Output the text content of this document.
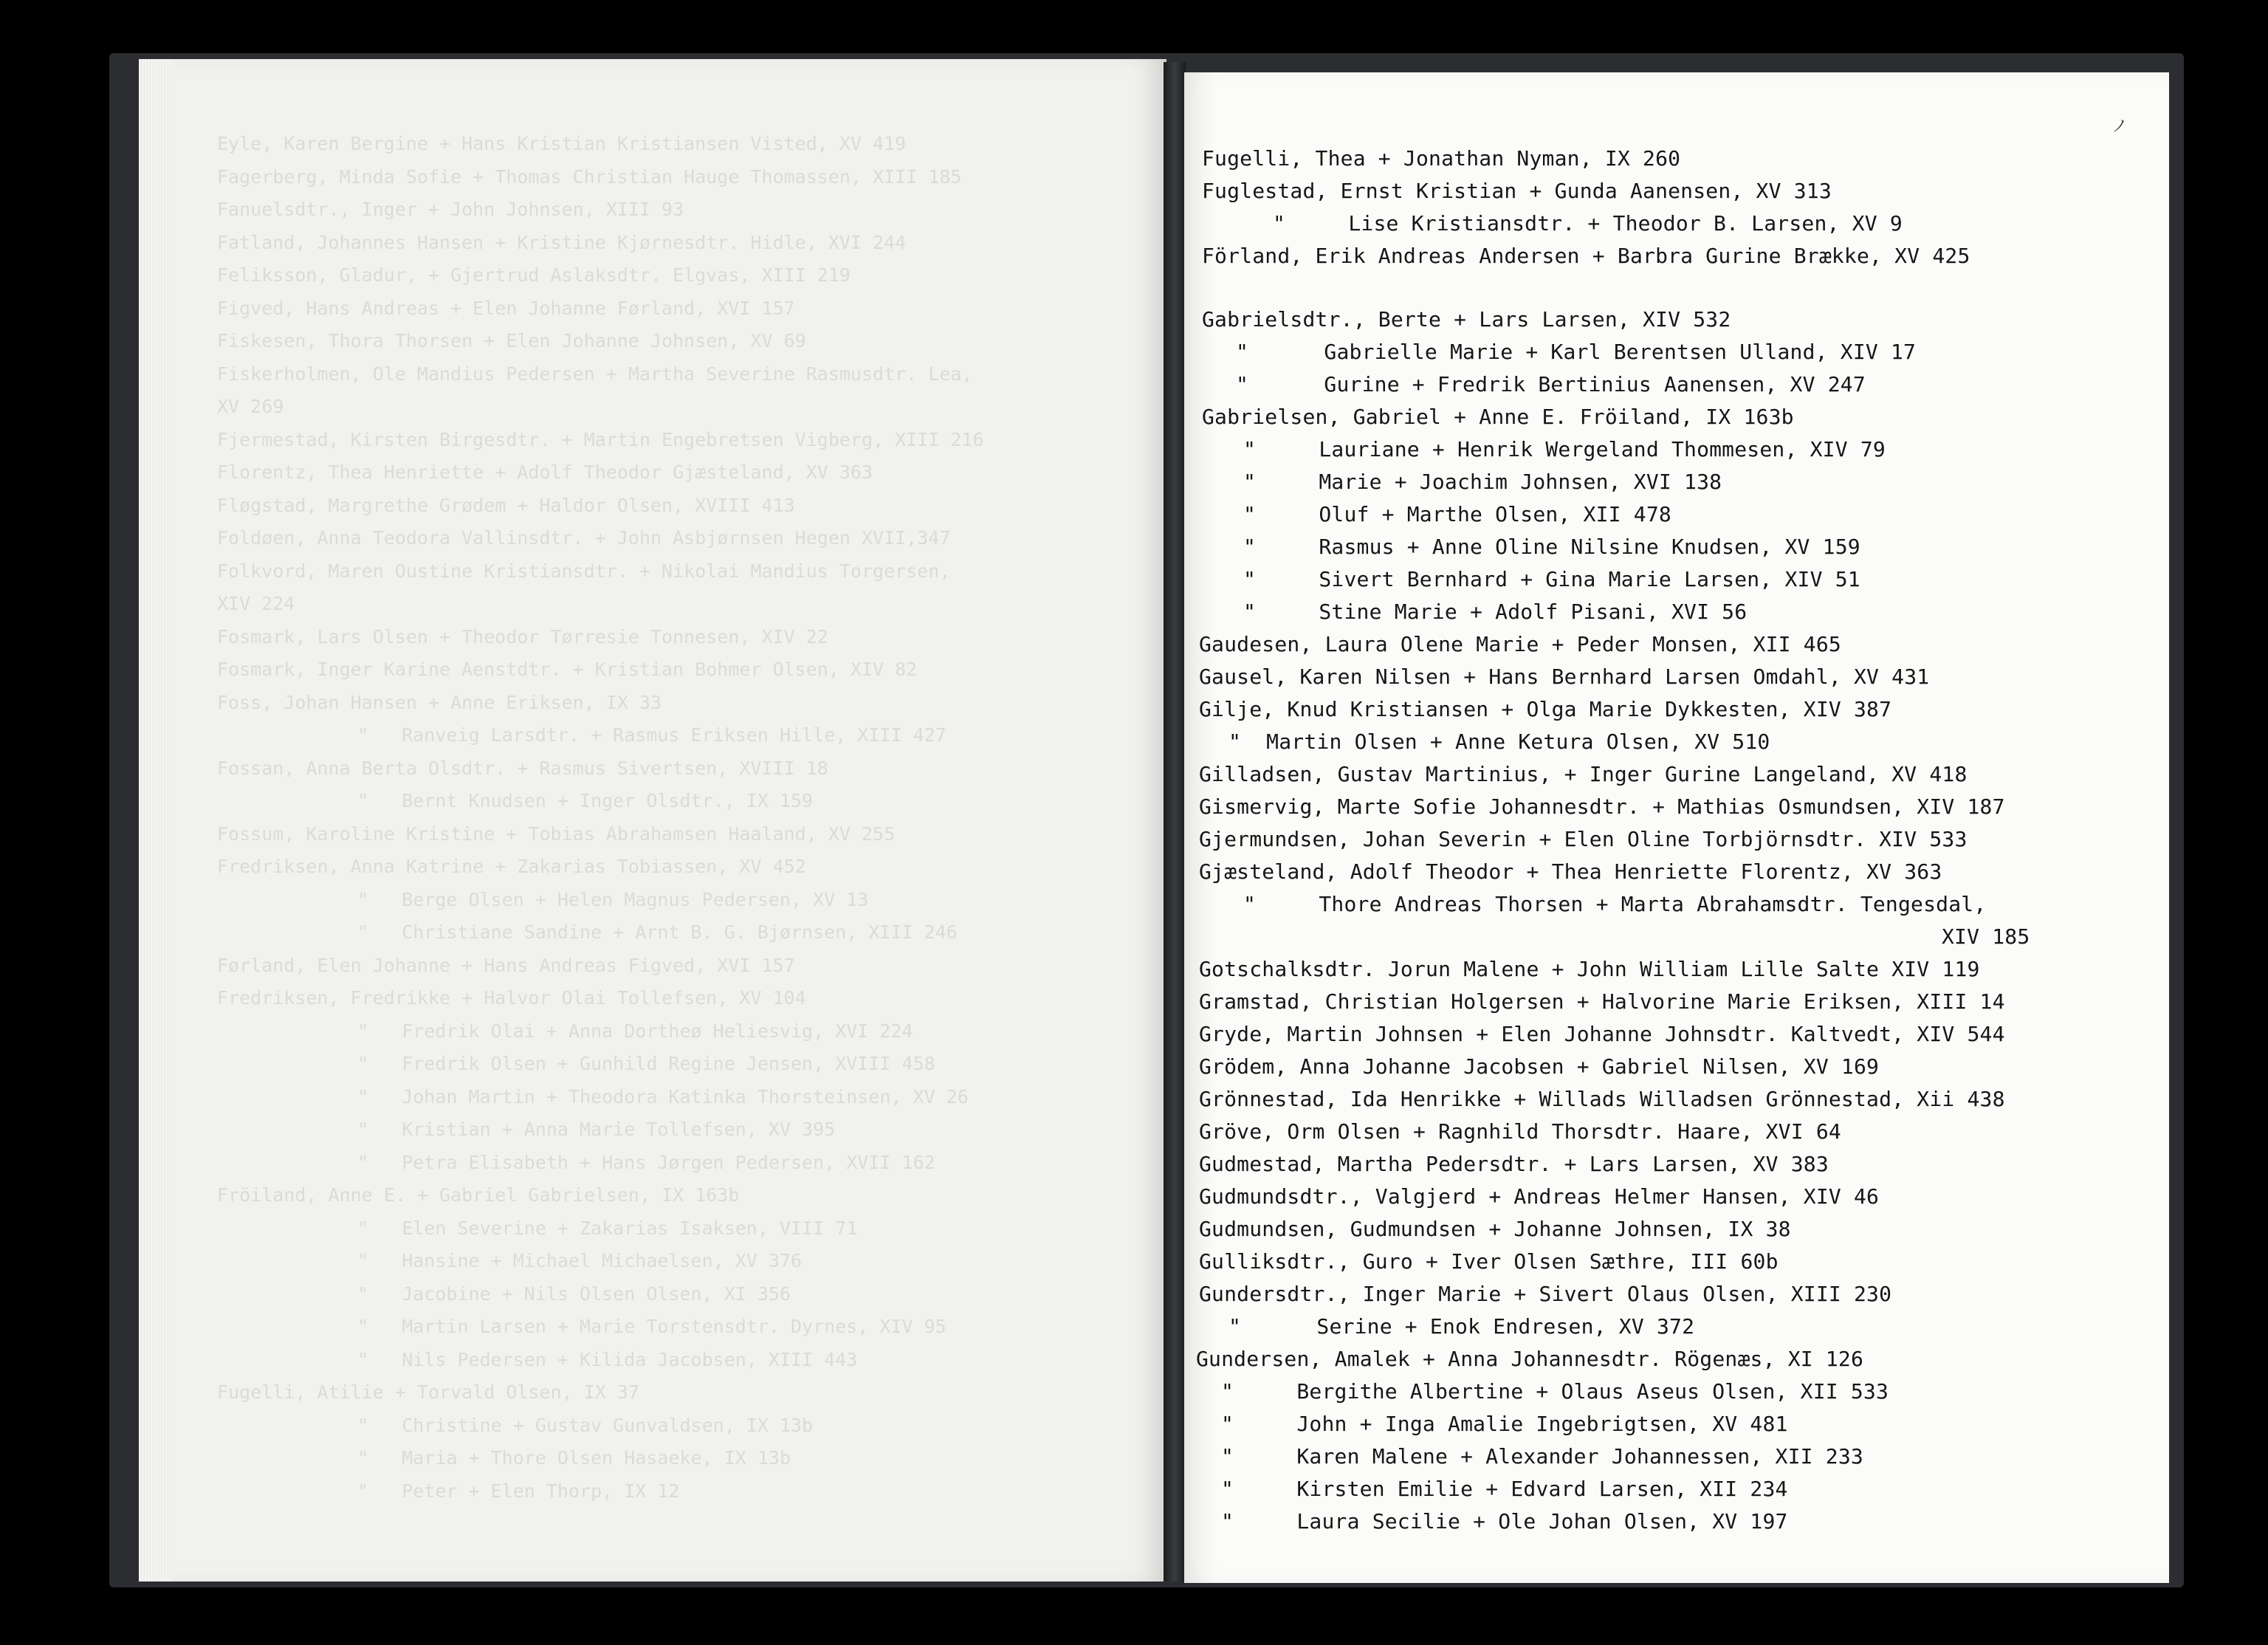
Eyle, Karen Bergine + Hans Kristian Kristiansen Visted, XV 419
Fagerberg, Minda Sofie + Thomas Christian Hauge Thomassen, XIII 185
Fanuelsdtr., Inger + John Johnsen, XIII 93
Fatland, Johannes Hansen + Kristine Kjørnesdtr. Hidle, XVI 244
Feliksson, Gladur, + Gjertrud Aslaksdtr. Elgvas, XIII 219
Figved, Hans Andreas + Elen Johanne Førland, XVI 157
Fiskesen, Thora Thorsen + Elen Johanne Johnsen, XV 69
Fiskerholmen, Ole Mandius Pedersen + Martha Severine Rasmusdtr. Lea,
XV 269
Fjermestad, Kirsten Birgesdtr. + Martin Engebretsen Vigberg, XIII 216
Florentz, Thea Henriette + Adolf Theodor Gjæsteland, XV 363
Fløgstad, Margrethe Grødem + Haldor Olsen, XVIII 413
Foldøen, Anna Teodora Vallinsdtr. + John Asbjørnsen Hegen XVII,347
Folkvord, Maren Oustine Kristiansdtr. + Nikolai Mandius Torgersen,
XIV 224
Fosmark, Lars Olsen + Theodor Tørresie Tonnesen, XIV 22
Fosmark, Inger Karine Aenstdtr. + Kristian Bohmer Olsen, XIV 82
Foss, Johan Hansen + Anne Eriksen, IX 33
"   Ranveig Larsdtr. + Rasmus Eriksen Hille, XIII 427
Fossan, Anna Berta Olsdtr. + Rasmus Sivertsen, XVIII 18
"   Bernt Knudsen + Inger Olsdtr., IX 159
Fossum, Karoline Kristine + Tobias Abrahamsen Haaland, XV 255
Fredriksen, Anna Katrine + Zakarias Tobiassen, XV 452
"   Berge Olsen + Helen Magnus Pedersen, XV 13
"   Christiane Sandine + Arnt B. G. Bjørnsen, XIII 246
Førland, Elen Johanne + Hans Andreas Figved, XVI 157
Fredriksen, Fredrikke + Halvor Olai Tollefsen, XV 104
"   Fredrik Olai + Anna Dortheø Heliesvig, XVI 224
"   Fredrik Olsen + Gunhild Regine Jensen, XVIII 458
"   Johan Martin + Theodora Katinka Thorsteinsen, XV 26
"   Kristian + Anna Marie Tollefsen, XV 395
"   Petra Elisabeth + Hans Jørgen Pedersen, XVII 162
Fröiland, Anne E. + Gabriel Gabrielsen, IX 163b
"   Elen Severine + Zakarias Isaksen, VIII 71
"   Hansine + Michael Michaelsen, XV 376
"   Jacobine + Nils Olsen Olsen, XI 356
"   Martin Larsen + Marie Torstensdtr. Dyrnes, XIV 95
"   Nils Pedersen + Kilida Jacobsen, XIII 443
Fugelli, Atilie + Torvald Olsen, IX 37
"   Christine + Gustav Gunvaldsen, IX 13b
"   Maria + Thore Olsen Hasaeke, IX 13b
"   Peter + Elen Thorp, IX 12
ノ
Fugelli, Thea + Jonathan Nyman, IX 260
Fuglestad, Ernst Kristian + Gunda Aanensen, XV 313
"     Lise Kristiansdtr. + Theodor B. Larsen, XV 9
Förland, Erik Andreas Andersen + Barbra Gurine Brække, XV 425
Gabrielsdtr., Berte + Lars Larsen, XIV 532
"      Gabrielle Marie + Karl Berentsen Ulland, XIV 17
"      Gurine + Fredrik Bertinius Aanensen, XV 247
Gabrielsen, Gabriel + Anne E. Fröiland, IX 163b
"     Lauriane + Henrik Wergeland Thommesen, XIV 79
"     Marie + Joachim Johnsen, XVI 138
"     Oluf + Marthe Olsen, XII 478
"     Rasmus + Anne Oline Nilsine Knudsen, XV 159
"     Sivert Bernhard + Gina Marie Larsen, XIV 51
"     Stine Marie + Adolf Pisani, XVI 56
Gaudesen, Laura Olene Marie + Peder Monsen, XII 465
Gausel, Karen Nilsen + Hans Bernhard Larsen Omdahl, XV 431
Gilje, Knud Kristiansen + Olga Marie Dykkesten, XIV 387
"  Martin Olsen + Anne Ketura Olsen, XV 510
Gilladsen, Gustav Martinius, + Inger Gurine Langeland, XV 418
Gismervig, Marte Sofie Johannesdtr. + Mathias Osmundsen, XIV 187
Gjermundsen, Johan Severin + Elen Oline Torbjörnsdtr. XIV 533
Gjæsteland, Adolf Theodor + Thea Henriette Florentz, XV 363
"     Thore Andreas Thorsen + Marta Abrahamsdtr. Tengesdal,
XIV 185
Gotschalksdtr. Jorun Malene + John William Lille Salte XIV 119
Gramstad, Christian Holgersen + Halvorine Marie Eriksen, XIII 14
Gryde, Martin Johnsen + Elen Johanne Johnsdtr. Kaltvedt, XIV 544
Grödem, Anna Johanne Jacobsen + Gabriel Nilsen, XV 169
Grönnestad, Ida Henrikke + Willads Willadsen Grönnestad, Xii 438
Gröve, Orm Olsen + Ragnhild Thorsdtr. Haare, XVI 64
Gudmestad, Martha Pedersdtr. + Lars Larsen, XV 383
Gudmundsdtr., Valgjerd + Andreas Helmer Hansen, XIV 46
Gudmundsen, Gudmundsen + Johanne Johnsen, IX 38
Gulliksdtr., Guro + Iver Olsen Sæthre, III 60b
Gundersdtr., Inger Marie + Sivert Olaus Olsen, XIII 230
"      Serine + Enok Endresen, XV 372
Gundersen, Amalek + Anna Johannesdtr. Rögenæs, XI 126
"     Bergithe Albertine + Olaus Aseus Olsen, XII 533
"     John + Inga Amalie Ingebrigtsen, XV 481
"     Karen Malene + Alexander Johannessen, XII 233
"     Kirsten Emilie + Edvard Larsen, XII 234
"     Laura Secilie + Ole Johan Olsen, XV 197
